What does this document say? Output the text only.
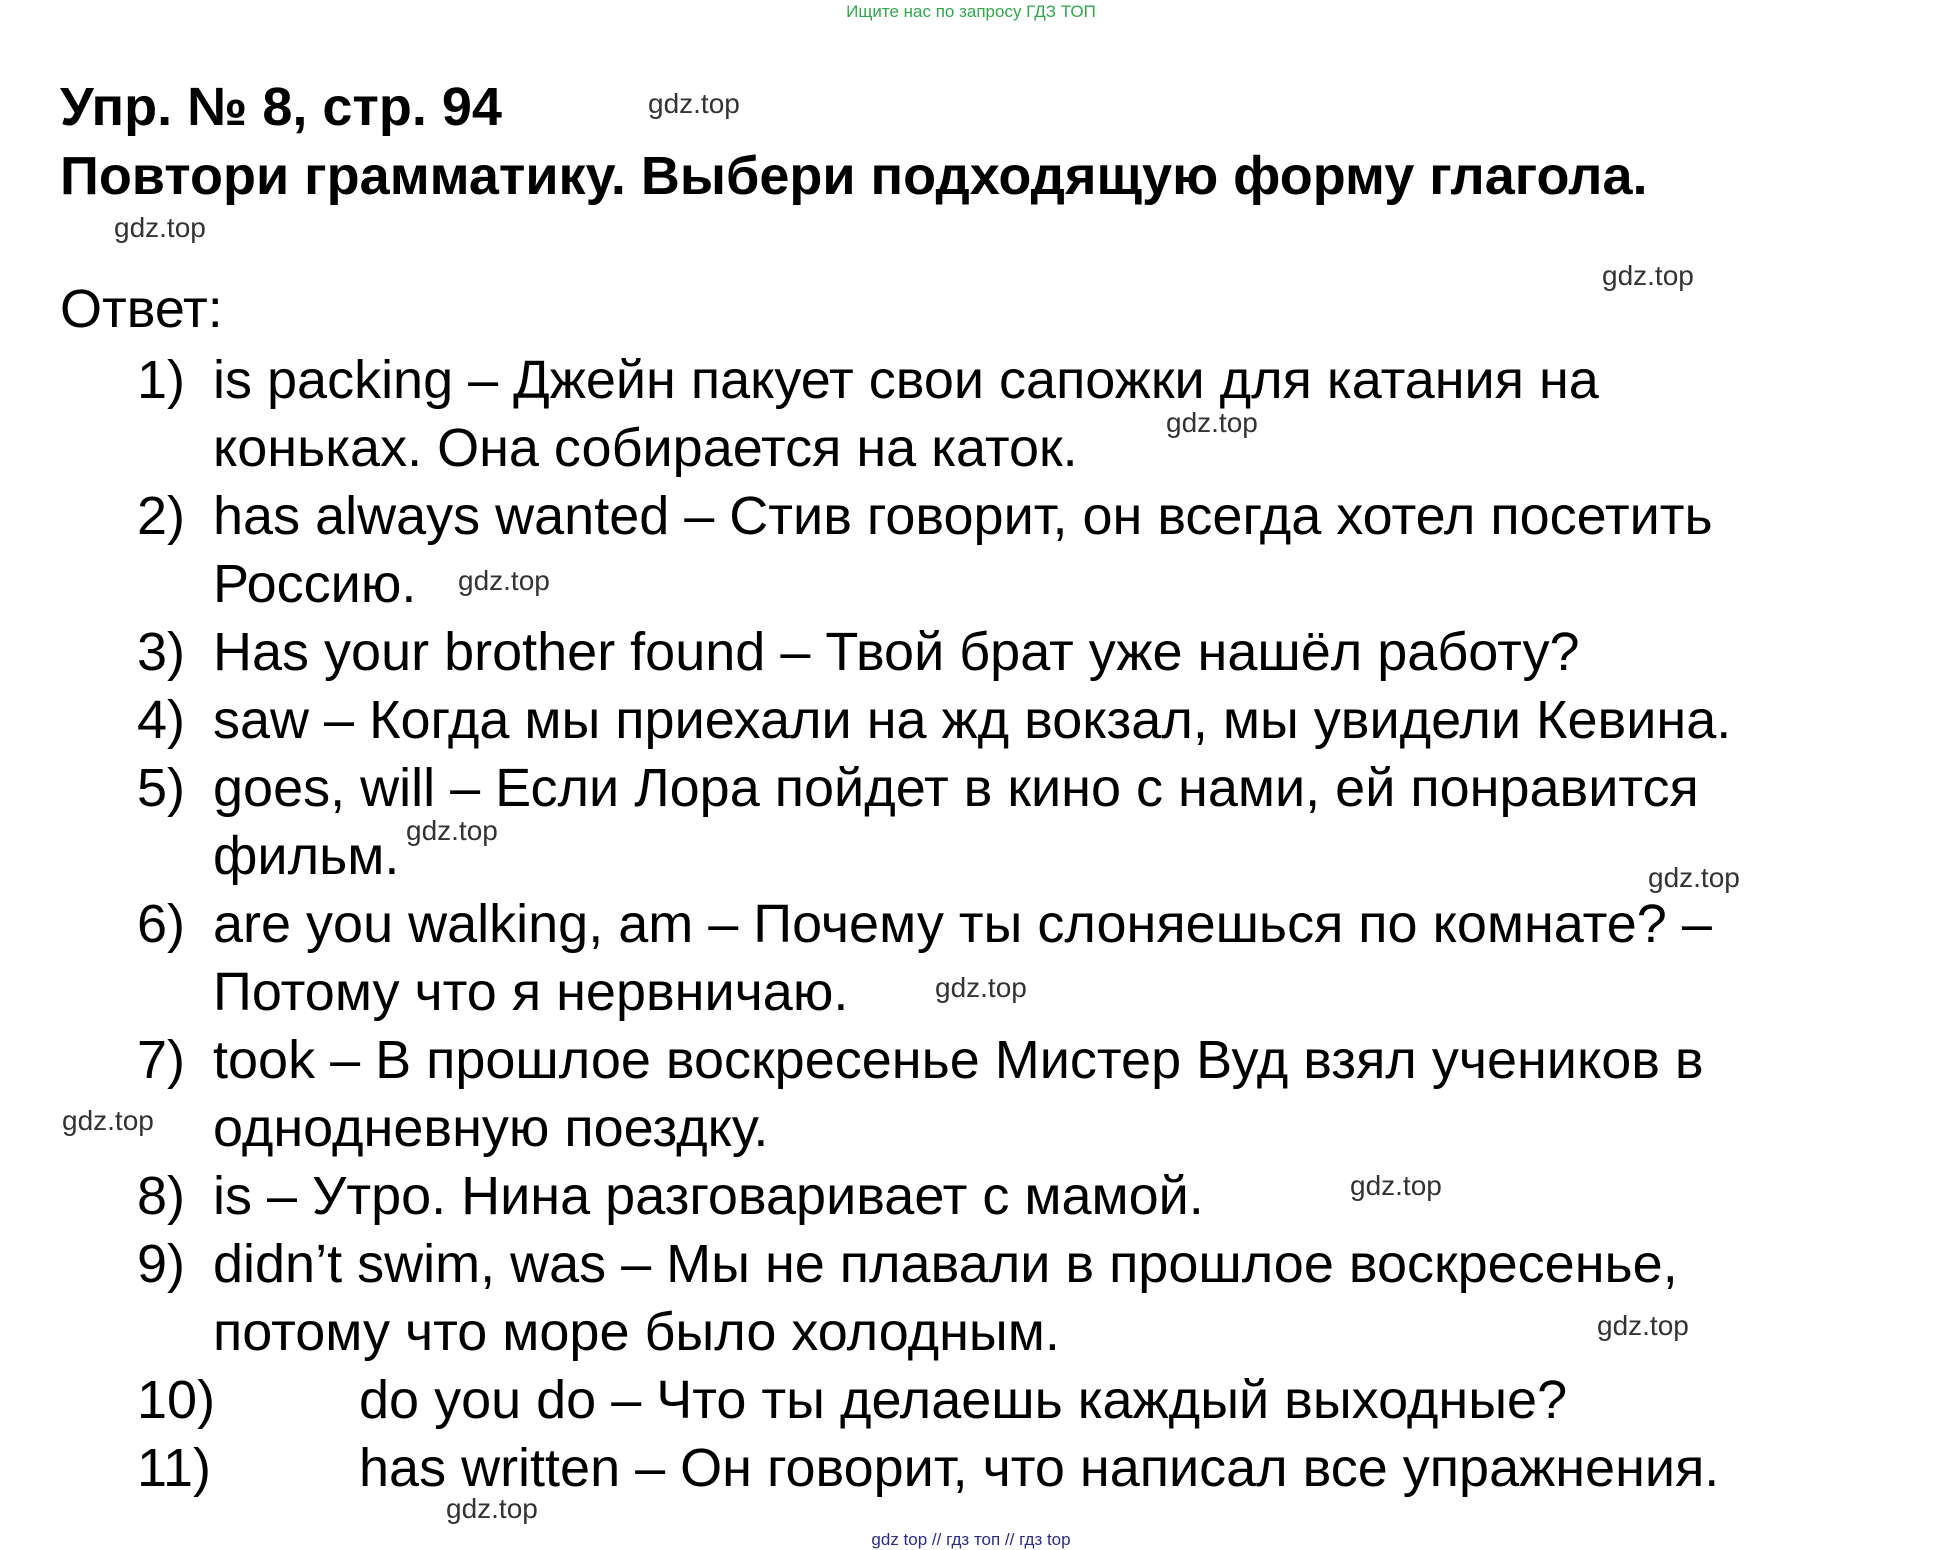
Ищите нас по запросу ГДЗ ТОП
Упр. № 8, стр. 94
Повтори грамматику. Выбери подходящую форму глагола.
Ответ:
1) is packing – Джейн пакует свои сапожки для катания на
коньках. Она собирается на каток.
2) has always wanted – Стив говорит, он всегда хотел посетить
Россию.
3) Has your brother found – Твой брат уже нашёл работу?
4) saw – Когда мы приехали на жд вокзал, мы увидели Кевина.
5) goes, will – Если Лора пойдет в кино с нами, ей понравится
фильм.
6) are you walking, am – Почему ты слоняешься по комнате? –
Потому что я нервничаю.
7) took – В прошлое воскресенье Мистер Вуд взял учеников в
однодневную поездку.
8) is – Утро. Нина разговаривает с мамой.
9) didn’t swim, was – Мы не плавали в прошлое воскресенье,
потому что море было холодным.
10)	do you do – Что ты делаешь каждый выходные?
11)	has written – Он говорит, что написал все упражнения.
gdz.top
gdz.top
gdz.top
gdz.top
gdz.top
gdz.top
gdz.top
gdz.top
gdz.top
gdz.top
gdz.top
gdz.top
gdz top // гдз топ // гдз top
